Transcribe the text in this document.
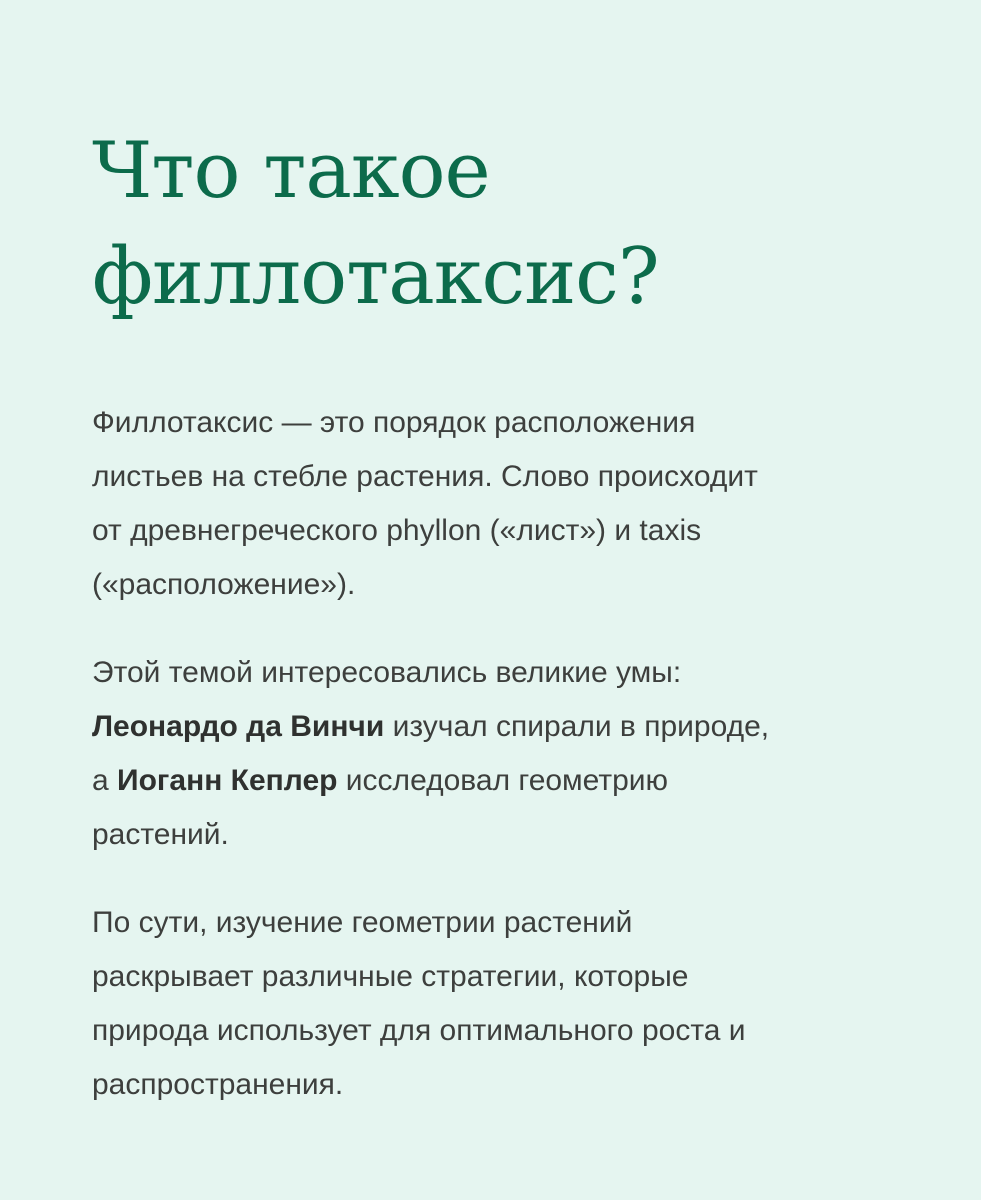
Что такое
филлотаксис?

Филлотаксис — это порядок расположения
листьев на стебле растения. Слово происходит
от древнегреческого phyllon («лист») и taxis
(«расположение»).

Этой темой интересовались великие умы:
Леонардо да Винчи изучал спирали в природе,
а Иоганн Кеплер исследовал геометрию
растений.

По сути, изучение геометрии растений
раскрывает различные стратегии, которые
природа использует для оптимального роста и
распространения.
